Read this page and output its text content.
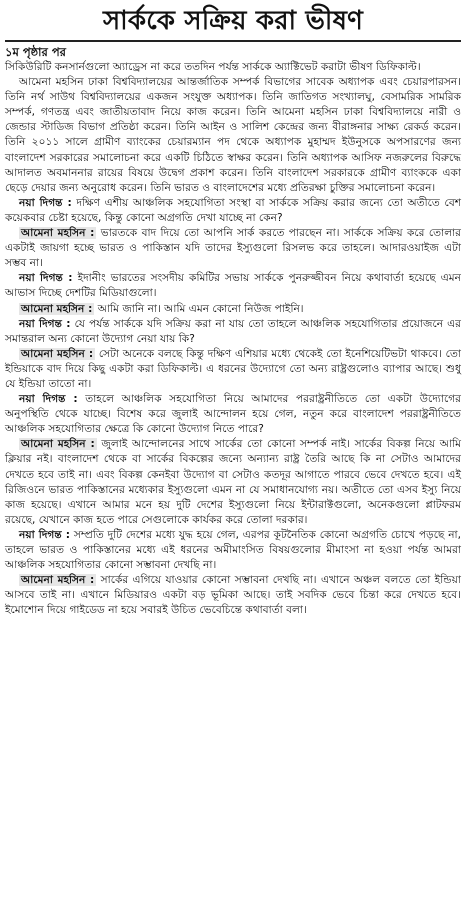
সার্ককে সক্রিয় করা ভীষণ
১ম পৃষ্ঠার পর

সিকিউরিটি কনসার্নগুলো অ্যাড্রেস না করে ততদিন পর্যন্ত সার্ককে অ্যাক্টিভেট করাটা ভীষণ ডিফিকাল্ট।

আমেনা মহসিন ঢাকা বিশ্ববিদ্যালয়ের আন্তর্জাতিক সম্পর্ক বিভাগের সাবেক অধ্যাপক এবং চেয়ারপারসন। তিনি নর্থ সাউথ বিশ্ববিদ্যালয়ের একজন সংযুক্ত অধ্যাপক। তিনি জাতিগত সংখ্যালঘু, বেসামরিক সামরিক সম্পর্ক, গণতন্ত্র এবং জাতীয়তাবাদ নিয়ে কাজ করেন। তিনি আমেনা মহসিন ঢাকা বিশ্ববিদ্যালয়ে নারী ও জেন্ডার স্টাডিজ বিভাগ প্রতিষ্ঠা করেন। তিনি আইন ও সালিশ কেন্দ্রের জন্য বীরাঙ্গনার সাক্ষ্য রেকর্ড করেন। তিনি ২০১১ সালে গ্রামীণ ব্যাংকের চেয়ারম্যান পদ থেকে অধ্যাপক মুহাম্মদ ইউনুসকে অপসারণের জন্য বাংলাদেশ সরকারের সমালোচনা করে একটি চিঠিতে স্বাক্ষর করেন। তিনি অধ্যাপক আসিফ নজরুলের বিরুদ্ধে আদালত অবমাননার রায়ের বিষয়ে উদ্বেগ প্রকাশ করেন। তিনি বাংলাদেশ সরকারকে গ্রামীণ ব্যাংককে একা ছেড়ে দেয়ার জন্য অনুরোধ করেন। তিনি ভারত ও বাংলাদেশের মধ্যে প্রতিরক্ষা চুক্তির সমালোচনা করেন।

নয়া দিগন্ত : দক্ষিণ এশীয় আঞ্চলিক সহযোগিতা সংস্থা বা সার্ককে সক্রিয় করার জন্যে তো অতীতে বেশ কয়েকবার চেষ্টা হয়েছে, কিন্তু কোনো অগ্রগতি দেখা যাচ্ছে না কেন?

আমেনা মহসিন : ভারতকে বাদ দিয়ে তো আপনি সার্ক করতে পারছেন না। সার্ককে সক্রিয় করে তোলার একটাই জায়গা হচ্ছে ভারত ও পাকিস্তান যদি তাদের ইস্যুগুলো রিসলভ করে তাহলে। আদারওয়াইজ এটা সম্ভব না।

নয়া দিগন্ত : ইদানীং ভারতের সংসদীয় কমিটির সভায় সার্ককে পুনরুজ্জীবন নিয়ে কথাবার্তা হয়েছে এমন আভাস দিচ্ছে দেশটির মিডিয়াগুলো।

আমেনা মহসিন : আমি জানি না। আমি এমন কোনো নিউজ পাইনি।

নয়া দিগন্ত : যে পর্যন্ত সার্ককে যদি সক্রিয় করা না যায় তো তাহলে আঞ্চলিক সহযোগিতার প্রয়োজনে এর সমান্তরাল অন্য কোনো উদ্যোগ নেয়া যায় কি?

আমেনা মহসিন : সেটা অনেকে বলছে কিন্তু দক্ষিণ এশিয়ার মধ্যে থেকেই তো ইনেশিয়েটিভটা থাকবে। তো ইন্ডিয়াকে বাদ দিয়ে কিছু একটা করা ডিফিকাল্ট। এ ধরনের উদ্যোগে তো অন্য রাষ্ট্রগুলোও ব্যাপার আছে। শুধু যে ইন্ডিয়া তাতো না।

নয়া দিগন্ত : তাহলে আঞ্চলিক সহযোগিতা নিয়ে আমাদের পররাষ্ট্রনীতিতে তো একটা উদ্যোগের অনুপস্থিতি থেকে যাচ্ছে। বিশেষ করে জুলাই আন্দোলন হয়ে গেল, নতুন করে বাংলাদেশ পররাষ্ট্রনীতিতে আঞ্চলিক সহযোগিতার ক্ষেত্রে কি কোনো উদ্যোগ নিতে পারে?

আমেনা মহসিন : জুলাই আন্দোলনের সাথে সার্কের তো কোনো সম্পর্ক নাই। সার্কের বিকল্প নিয়ে আমি ক্লিয়ার নই। বাংলাদেশ থেকে বা সার্কের বিকল্পের জন্যে অন্যান্য রাষ্ট্র তৈরি আছে কি না সেটাও আমাদের দেখতে হবে তাই না। এবং বিকল্প কেনইবা উদ্যোগ বা সেটাও কতদূর আগাতে পারবে ভেবে দেখতে হবে। এই রিজিওনে ভারত পাকিস্তানের মধ্যেকার ইস্যুগুলো এমন না যে সমাধানযোগ্য নয়। অতীতে তো এসব ইস্যু নিয়ে কাজ হয়েছে। এখানে আমার মনে হয় দুটি দেশের ইস্যুগুলো নিয়ে ইন্টারাক্টগুলো, অনেকগুলো প্লাটফরম রয়েছে, যেখানে কাজ হতে পারে সেগুলোকে কার্যকর করে তোলা দরকার।

নয়া দিগন্ত : সম্প্রতি দুটি দেশের মধ্যে যুদ্ধ হয়ে গেল, এরপর কূটনৈতিক কোনো অগ্রগতি চোখে পড়ছে না, তাহলে ভারত ও পাকিস্তানের মধ্যে এই ধরনের অমীমাংসিত বিষয়গুলোর মীমাংসা না হওয়া পর্যন্ত আমরা আঞ্চলিক সহযোগিতার কোনো সম্ভাবনা দেখছি না।

আমেনা মহসিন : সার্কের এগিয়ে যাওয়ার কোনো সম্ভাবনা দেখছি না। এখানে অঞ্চল বলতে তো ইন্ডিয়া আসবে তাই না। এখানে মিডিয়ারও একটা বড় ভূমিকা আছে। তাই সবদিক ভেবে চিন্তা করে দেখতে হবে। ইমোশোন দিয়ে গাইডেড না হয়ে সবারই উচিত ভেবেচিন্তে কথাবার্তা বলা।
